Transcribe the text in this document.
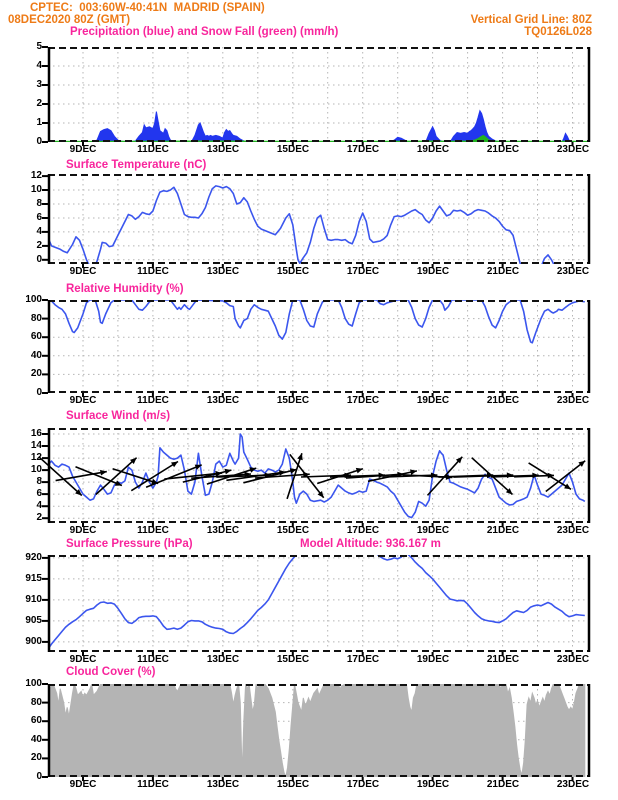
CPTEC:  003:60W-40:41N  MADRID (SPAIN)
08DEC2020 80Z (GMT)	Vertical Grid Line: 80Z
TQ0126L028
Precipitation (blue) and Snow Fall (green) (mm/h)
Surface Temperature (nC)
Relative Humidity (%)
Surface Wind (m/s)
Surface Pressure (hPa)	Model Altitude: 936.167 m
Cloud Cover (%)
0
1
2
3
4
5
9DEC	11DEC	13DEC	15DEC	17DEC	19DEC	21DEC	23DEC
0
2
4
6
8
10
12
9DEC	11DEC	13DEC	15DEC	17DEC	19DEC	21DEC	23DEC
0
20
40
60
80
100
9DEC	11DEC	13DEC	15DEC	17DEC	19DEC	21DEC	23DEC
2
4
6
8
10
12
14
16
9DEC	11DEC	13DEC	15DEC	17DEC	19DEC	21DEC	23DEC
900
905
910
915
920
9DEC	11DEC	13DEC	15DEC	17DEC	19DEC	21DEC	23DEC
0
20
40
60
80
100
9DEC	11DEC	13DEC	15DEC	17DEC	19DEC	21DEC	23DEC
